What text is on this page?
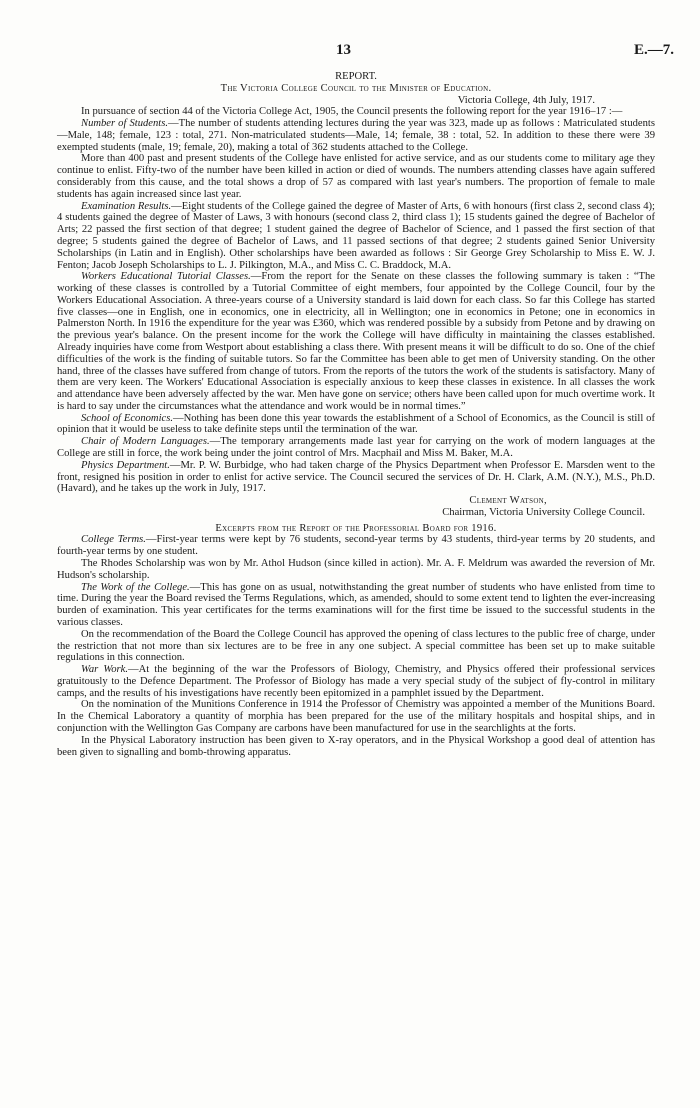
13	E.—7.
REPORT.
The Victoria College Council to the Minister of Education.
Victoria College, 4th July, 1917.

In pursuance of section 44 of the Victoria College Act, 1905, the Council presents the following report for the year 1916–17 :—

Number of Students.—The number of students attending lectures during the year was 323, made up as follows : Matriculated students—Male, 148; female, 123 : total, 271. Non-matriculated students—Male, 14; female, 38 : total, 52. In addition to these there were 39 exempted students (male, 19; female, 20), making a total of 362 students attached to the College.

More than 400 past and present students of the College have enlisted for active service, and as our students come to military age they continue to enlist. Fifty-two of the number have been killed in action or died of wounds. The numbers attending classes have again suffered considerably from this cause, and the total shows a drop of 57 as compared with last year's numbers. The proportion of female to male students has again increased since last year.

Examination Results.—Eight students of the College gained the degree of Master of Arts, 6 with honours (first class 2, second class 4); 4 students gained the degree of Master of Laws, 3 with honours (second class 2, third class 1); 15 students gained the degree of Bachelor of Arts; 22 passed the first section of that degree; 1 student gained the degree of Bachelor of Science, and 1 passed the first section of that degree; 5 students gained the degree of Bachelor of Laws, and 11 passed sections of that degree; 2 students gained Senior University Scholarships (in Latin and in English). Other scholarships have been awarded as follows : Sir George Grey Scholarship to Miss E. W. J. Fenton; Jacob Joseph Scholarships to L. J. Pilkington, M.A., and Miss C. C. Braddock, M.A.

Workers Educational Tutorial Classes.—From the report for the Senate on these classes the following summary is taken : “The working of these classes is controlled by a Tutorial Committee of eight members, four appointed by the College Council, four by the Workers Educational Association. A three-years course of a University standard is laid down for each class. So far this College has started five classes—one in English, one in economics, one in electricity, all in Wellington; one in economics in Petone; one in economics in Palmerston North. In 1916 the expenditure for the year was £360, which was rendered possible by a subsidy from Petone and by drawing on the previous year's balance. On the present income for the work the College will have difficulty in maintaining the classes established. Already inquiries have come from Westport about establishing a class there. With present means it will be difficult to do so. One of the chief difficulties of the work is the finding of suitable tutors. So far the Committee has been able to get men of University standing. On the other hand, three of the classes have suffered from change of tutors. From the reports of the tutors the work of the students is satisfactory. Many of them are very keen. The Workers' Educational Association is especially anxious to keep these classes in existence. In all classes the work and attendance have been adversely affected by the war. Men have gone on service; others have been called upon for much overtime work. It is hard to say under the circumstances what the attendance and work would be in normal times.”

School of Economics.—Nothing has been done this year towards the establishment of a School of Economics, as the Council is still of opinion that it would be useless to take definite steps until the termination of the war.

Chair of Modern Languages.—The temporary arrangements made last year for carrying on the work of modern languages at the College are still in force, the work being under the joint control of Mrs. Macphail and Miss M. Baker, M.A.

Physics Department.—Mr. P. W. Burbidge, who had taken charge of the Physics Department when Professor E. Marsden went to the front, resigned his position in order to enlist for active service. The Council secured the services of Dr. H. Clark, A.M. (N.Y.), M.S., Ph.D. (Havard), and he takes up the work in July, 1917.

Clement Watson,
Chairman, Victoria University College Council.
Excerpts from the Report of the Professorial Board for 1916.

College Terms.—First-year terms were kept by 76 students, second-year terms by 43 students, third-year terms by 20 students, and fourth-year terms by one student.

The Rhodes Scholarship was won by Mr. Athol Hudson (since killed in action). Mr. A. F. Meldrum was awarded the reversion of Mr. Hudson's scholarship.

The Work of the College.—This has gone on as usual, notwithstanding the great number of students who have enlisted from time to time. During the year the Board revised the Terms Regulations, which, as amended, should to some extent tend to lighten the ever-increasing burden of examination. This year certificates for the terms examinations will for the first time be issued to the successful students in the various classes.

On the recommendation of the Board the College Council has approved the opening of class lectures to the public free of charge, under the restriction that not more than six lectures are to be free in any one subject. A special committee has been set up to make suitable regulations in this connection.

War Work.—At the beginning of the war the Professors of Biology, Chemistry, and Physics offered their professional services gratuitously to the Defence Department. The Professor of Biology has made a very special study of the subject of fly-control in military camps, and the results of his investigations have recently been epitomized in a pamphlet issued by the Department.

On the nomination of the Munitions Conference in 1914 the Professor of Chemistry was appointed a member of the Munitions Board. In the Chemical Laboratory a quantity of morphia has been prepared for the use of the military hospitals and hospital ships, and in conjunction with the Wellington Gas Company are carbons have been manufactured for use in the searchlights at the forts.

In the Physical Laboratory instruction has been given to X-ray operators, and in the Physical Workshop a good deal of attention has been given to signalling and bomb-throwing apparatus.
